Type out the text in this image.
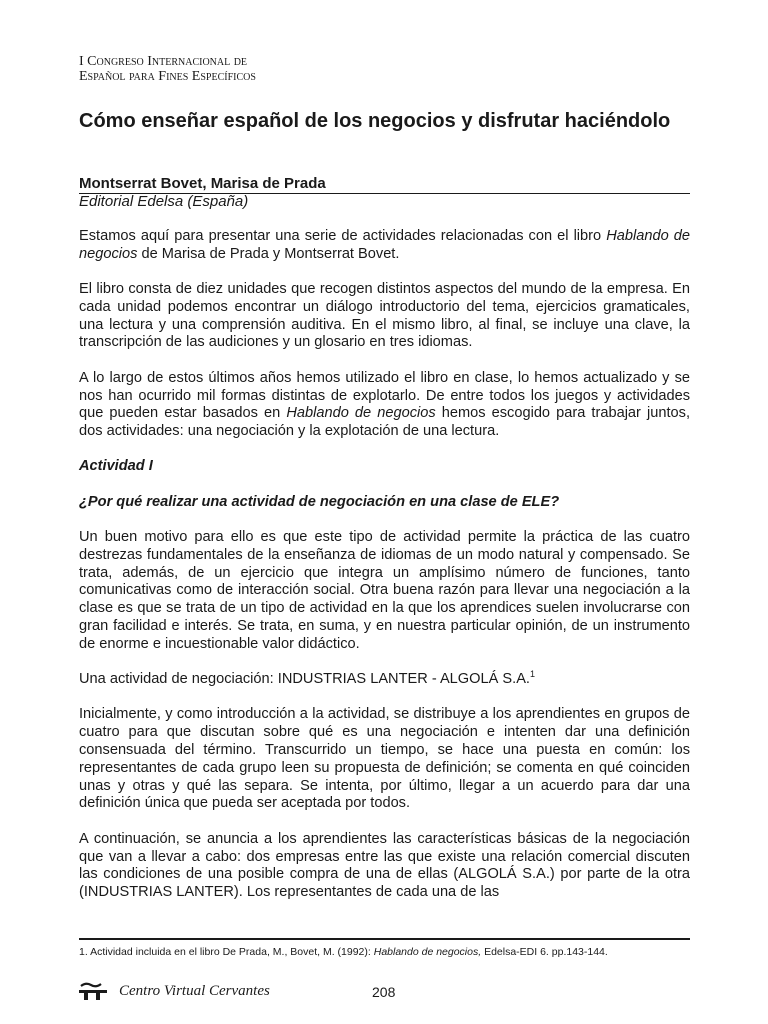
I Congreso Internacional de
Español para Fines Específicos
Cómo enseñar español de los negocios y disfrutar haciéndolo
Montserrat Bovet, Marisa de Prada
Editorial Edelsa (España)

Estamos aquí para presentar una serie de actividades relacionadas con el libro Hablando de negocios de Marisa de Prada y Montserrat Bovet.

El libro consta de diez unidades que recogen distintos aspectos del mundo de la empresa. En cada unidad podemos encontrar un diálogo introductorio del tema, ejercicios gramaticales, una lectura y una comprensión auditiva. En el mismo libro, al final, se incluye una clave, la transcripción de las audiciones y un glosario en tres idiomas.

A lo largo de estos últimos años hemos utilizado el libro en clase, lo hemos actualizado y se nos han ocurrido mil formas distintas de explotarlo. De entre todos los juegos y actividades que pueden estar basados en Hablando de negocios hemos escogido para trabajar juntos, dos actividades: una negociación y la explotación de una lectura.

Actividad I

¿Por qué realizar una actividad de negociación en una clase de ELE?

Un buen motivo para ello es que este tipo de actividad permite la práctica de las cuatro destrezas fundamentales de la enseñanza de idiomas de un modo natural y compensado. Se trata, además, de un ejercicio que integra un amplísimo número de funciones, tanto comunicativas como de interacción social. Otra buena razón para llevar una negociación a la clase es que se trata de un tipo de actividad en la que los aprendices suelen involucrarse con gran facilidad e interés. Se trata, en suma, y en nuestra particular opinión, de un instrumento de enorme e incuestionable valor didáctico.

Una actividad de negociación: INDUSTRIAS LANTER - ALGOLÁ S.A.$^1$

Inicialmente, y como introducción a la actividad, se distribuye a los aprendientes en grupos de cuatro para que discutan sobre qué es una negociación e intenten dar una definición consensuada del término. Transcurrido un tiempo, se hace una puesta en común: los representantes de cada grupo leen su propuesta de definición; se comenta en qué coinciden unas y otras y qué las separa. Se intenta, por último, llegar a un acuerdo para dar una definición única que pueda ser aceptada por todos.

A continuación, se anuncia a los aprendientes las características básicas de la negociación que van a llevar a cabo: dos empresas entre las que existe una relación comercial discuten las condiciones de una posible compra de una de ellas (ALGOLÁ S.A.) por parte de la otra (INDUSTRIAS LANTER). Los representantes de cada una de las

1. Actividad incluida en el libro De Prada, M., Bovet, M. (1992): Hablando de negocios, Edelsa-EDI 6. pp.143-144.
Centro Virtual Cervantes	208
